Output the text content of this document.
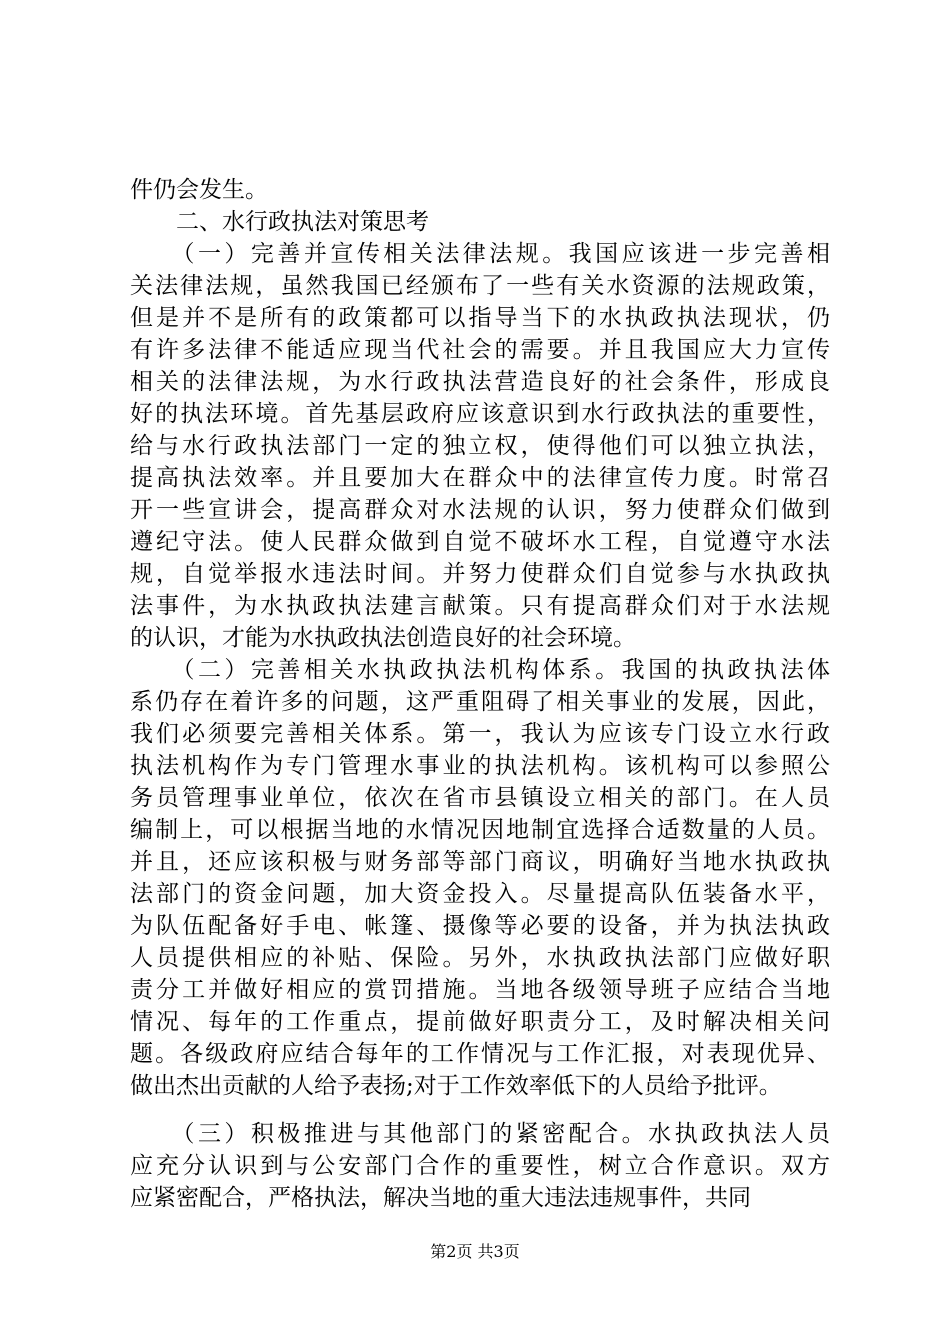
件仍会发生。
　　二、水行政执法对策思考
　　（一）完善并宣传相关法律法规。我国应该进一步完善相
关法律法规，虽然我国已经颁布了一些有关水资源的法规政策，
但是并不是所有的政策都可以指导当下的水执政执法现状，仍
有许多法律不能适应现当代社会的需要。并且我国应大力宣传
相关的法律法规，为水行政执法营造良好的社会条件，形成良
好的执法环境。首先基层政府应该意识到水行政执法的重要性，
给与水行政执法部门一定的独立权，使得他们可以独立执法，
提高执法效率。并且要加大在群众中的法律宣传力度。时常召
开一些宣讲会，提高群众对水法规的认识，努力使群众们做到
遵纪守法。使人民群众做到自觉不破坏水工程，自觉遵守水法
规，自觉举报水违法时间。并努力使群众们自觉参与水执政执
法事件，为水执政执法建言献策。只有提高群众们对于水法规
的认识，才能为水执政执法创造良好的社会环境。
　　（二）完善相关水执政执法机构体系。我国的执政执法体
系仍存在着许多的问题，这严重阻碍了相关事业的发展，因此，
我们必须要完善相关体系。第一，我认为应该专门设立水行政
执法机构作为专门管理水事业的执法机构。该机构可以参照公
务员管理事业单位，依次在省市县镇设立相关的部门。在人员
编制上，可以根据当地的水情况因地制宜选择合适数量的人员。
并且，还应该积极与财务部等部门商议，明确好当地水执政执
法部门的资金问题，加大资金投入。尽量提高队伍装备水平，
为队伍配备好手电、帐篷、摄像等必要的设备，并为执法执政
人员提供相应的补贴、保险。另外，水执政执法部门应做好职
责分工并做好相应的赏罚措施。当地各级领导班子应结合当地
情况、每年的工作重点，提前做好职责分工，及时解决相关问
题。各级政府应结合每年的工作情况与工作汇报，对表现优异、
做出杰出贡献的人给予表扬;对于工作效率低下的人员给予批评。
　　（三）积极推进与其他部门的紧密配合。水执政执法人员
应充分认识到与公安部门合作的重要性，树立合作意识。双方
应紧密配合，严格执法，解决当地的重大违法违规事件，共同
第2页 共3页
